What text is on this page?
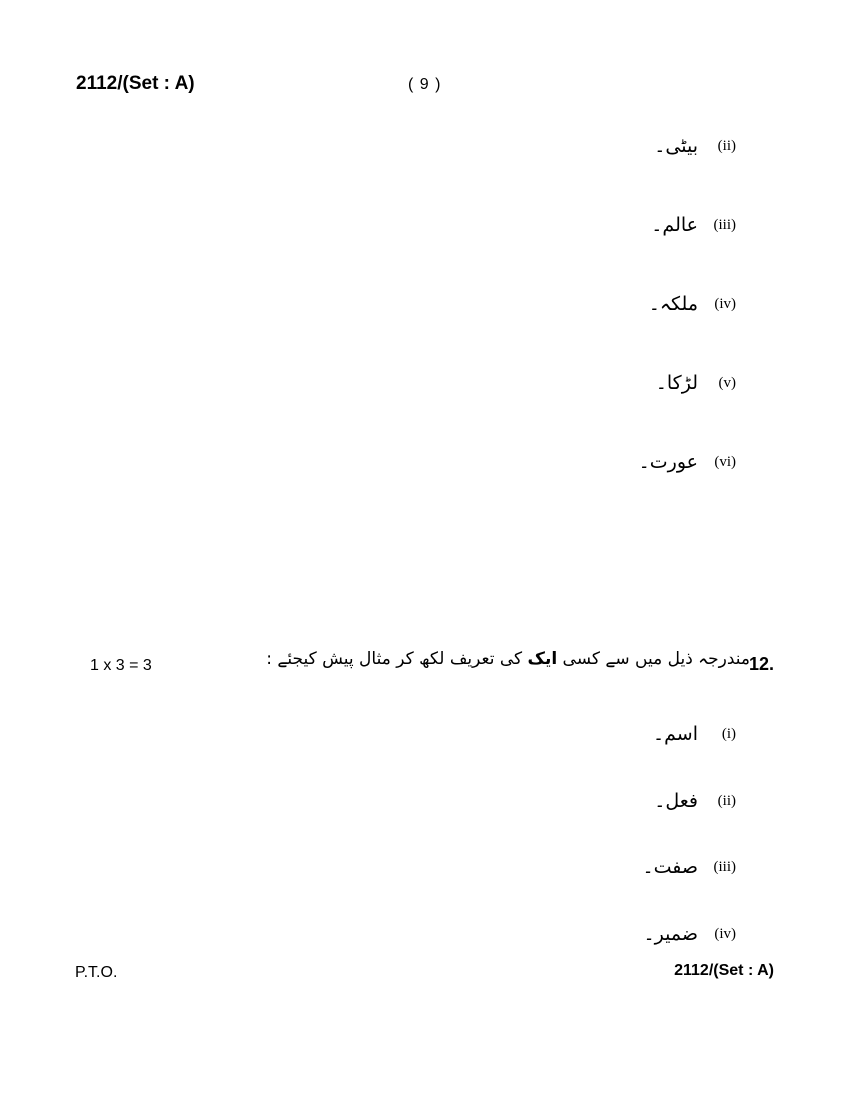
2112/(Set : A)	( 9 )
بیٹی۔	(ii)
عالم۔ (iii)
ملکہ۔ (iv)
لڑکا۔	(v)
عورت۔ (vi)
1 x 3 = 3	مندرجہ ذیل میں سے کسی ایک کی تعریف لکھ کر مثال پیش کیجئے :	12.
اسم۔	(i)
فعل۔	(ii)
صفت۔ (iii)
ضمیر۔ (iv)
P.T.O.	2112/(Set : A)
